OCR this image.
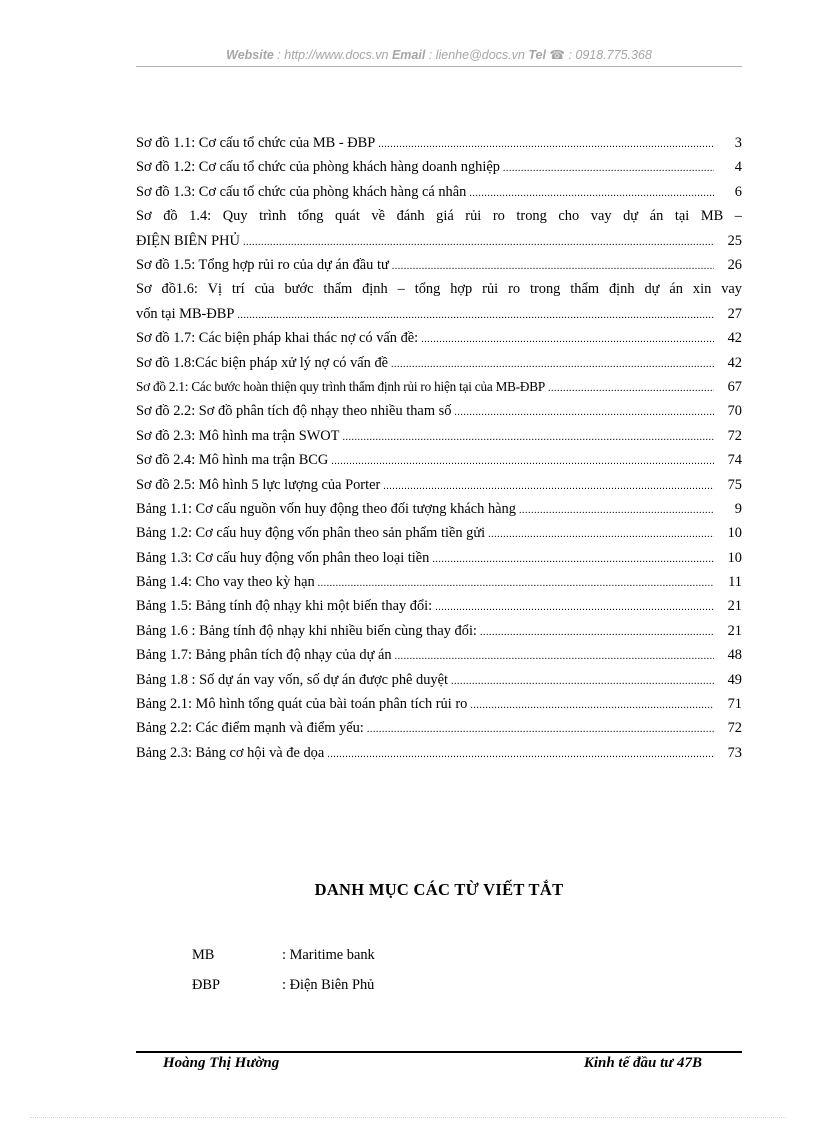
Website : http://www.docs.vn Email : lienhe@docs.vn Tel ☎ : 0918.775.368
Sơ đồ 1.1: Cơ cấu tổ chức của MB - ĐBP .....	3
Sơ đồ 1.2: Cơ cấu tổ chức của phòng khách hàng doanh nghiệp .....	4
Sơ đồ 1.3: Cơ cấu tổ chức của phòng khách hàng cá nhân .....	6
Sơ đồ 1.4: Quy trình tổng quát về đánh giá rủi ro trong cho vay dự án tại MB –
ĐIỆN BIÊN PHỦ .....	25
Sơ đồ 1.5: Tổng hợp rủi ro của dự án đầu tư .....	26
Sơ đồ1.6: Vị trí của bước thẩm định – tổng hợp rủi ro trong thẩm định dự án xin vay
vốn tại MB-ĐBP .....	27
Sơ đồ 1.7: Các biện pháp khai thác nợ có vấn đề: .....	42
Sơ đồ 1.8:Các biện pháp xử lý nợ có vấn đề .....	42
Sơ đồ 2.1: Các bước hoàn thiện quy trình thẩm định rủi ro hiện tại của MB-ĐBP .....	67
Sơ đồ 2.2: Sơ đồ phân tích độ nhạy theo nhiều tham số .....	70
Sơ đồ 2.3: Mô hình ma trận SWOT .....	72
Sơ đồ 2.4: Mô hình ma trận BCG .....	74
Sơ đồ 2.5: Mô hình 5 lực lượng của Porter .....	75
Bảng 1.1: Cơ cấu nguồn vốn huy động theo đối tượng khách hàng .....	9
Bảng 1.2: Cơ cấu huy động vốn phân theo sản phẩm tiền gửi .....	10
Bảng 1.3: Cơ cấu huy động vốn phân theo loại tiền .....	10
Bảng 1.4: Cho vay theo kỳ hạn .....	11
Bảng 1.5: Bảng tính độ nhạy khi một biến thay đổi: .....	21
Bảng 1.6 : Bảng tính độ nhạy khi nhiều biến cùng thay đổi: .....	21
Bảng 1.7: Bảng phân tích độ nhạy của dự án .....	48
Bảng 1.8 : Số dự án vay vốn, số dự án được phê duyệt .....	49
Bảng 2.1: Mô hình tổng quát của bài toán phân tích rủi ro .....	71
Bảng 2.2: Các điểm mạnh và điểm yếu: .....	72
Bảng 2.3: Bảng cơ hội và đe dọa .....	73
DANH MỤC CÁC TỪ VIẾT TẮT
MB	: Maritime bank
ĐBP	: Điện Biên Phủ
Hoàng Thị Hường	Kinh tế đầu tư 47B
